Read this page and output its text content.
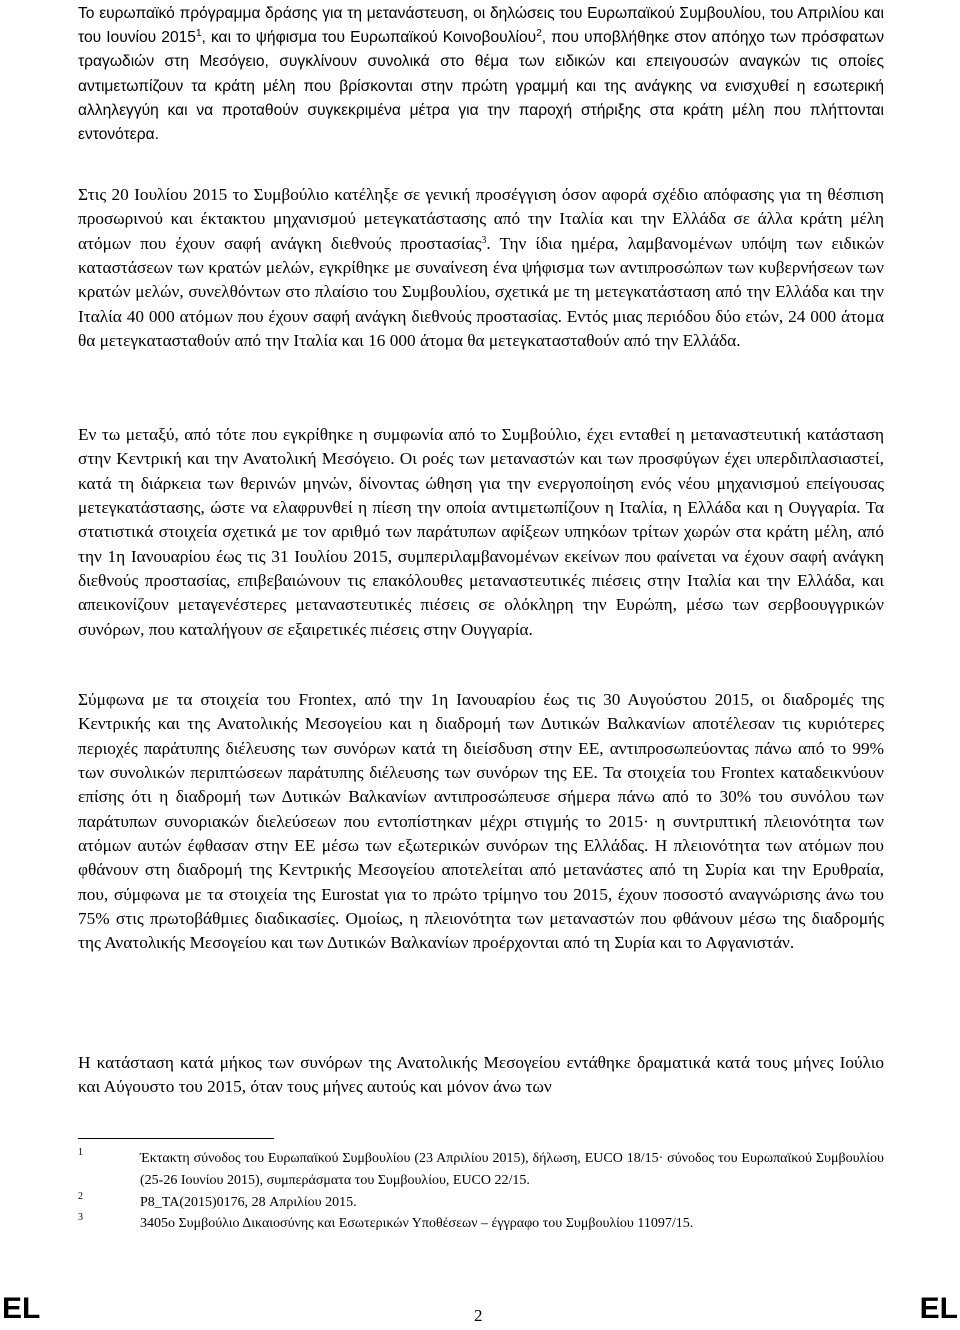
Το ευρωπαϊκό πρόγραμμα δράσης για τη μετανάστευση, οι δηλώσεις του Ευρωπαϊκού Συμβουλίου, του Απριλίου και του Ιουνίου 2015$^1$, και το ψήφισμα του Ευρωπαϊκού Κοινοβουλίου$^2$, που υποβλήθηκε στον απόηχο των πρόσφατων τραγωδιών στη Μεσόγειο, συγκλίνουν συνολικά στο θέμα των ειδικών και επειγουσών αναγκών τις οποίες αντιμετωπίζουν τα κράτη μέλη που βρίσκονται στην πρώτη γραμμή και της ανάγκης να ενισχυθεί η εσωτερική αλληλεγγύη και να προταθούν συγκεκριμένα μέτρα για την παροχή στήριξης στα κράτη μέλη που πλήττονται εντονότερα.

Στις 20 Ιουλίου 2015 το Συμβούλιο κατέληξε σε γενική προσέγγιση όσον αφορά σχέδιο απόφασης για τη θέσπιση προσωρινού και έκτακτου μηχανισμού μετεγκατάστασης από την Ιταλία και την Ελλάδα σε άλλα κράτη μέλη ατόμων που έχουν σαφή ανάγκη διεθνούς προστασίας$^3$. Την ίδια ημέρα, λαμβανομένων υπόψη των ειδικών καταστάσεων των κρατών μελών, εγκρίθηκε με συναίνεση ένα ψήφισμα των αντιπροσώπων των κυβερνήσεων των κρατών μελών, συνελθόντων στο πλαίσιο του Συμβουλίου, σχετικά με τη μετεγκατάσταση από την Ελλάδα και την Ιταλία 40 000 ατόμων που έχουν σαφή ανάγκη διεθνούς προστασίας. Εντός μιας περιόδου δύο ετών, 24 000 άτομα θα μετεγκατασταθούν από την Ιταλία και 16 000 άτομα θα μετεγκατασταθούν από την Ελλάδα.

Εν τω μεταξύ, από τότε που εγκρίθηκε η συμφωνία από το Συμβούλιο, έχει ενταθεί η μεταναστευτική κατάσταση στην Κεντρική και την Ανατολική Μεσόγειο. Οι ροές των μεταναστών και των προσφύγων έχει υπερδιπλασιαστεί, κατά τη διάρκεια των θερινών μηνών, δίνοντας ώθηση για την ενεργοποίηση ενός νέου μηχανισμού επείγουσας μετεγκατάστασης, ώστε να ελαφρυνθεί η πίεση την οποία αντιμετωπίζουν η Ιταλία, η Ελλάδα και η Ουγγαρία. Τα στατιστικά στοιχεία σχετικά με τον αριθμό των παράτυπων αφίξεων υπηκόων τρίτων χωρών στα κράτη μέλη, από την 1η Ιανουαρίου έως τις 31 Ιουλίου 2015, συμπεριλαμβανομένων εκείνων που φαίνεται να έχουν σαφή ανάγκη διεθνούς προστασίας, επιβεβαιώνουν τις επακόλουθες μεταναστευτικές πιέσεις στην Ιταλία και την Ελλάδα, και απεικονίζουν μεταγενέστερες μεταναστευτικές πιέσεις σε ολόκληρη την Ευρώπη, μέσω των σερβοουγγρικών συνόρων, που καταλήγουν σε εξαιρετικές πιέσεις στην Ουγγαρία.

Σύμφωνα με τα στοιχεία του Frontex, από την 1η Ιανουαρίου έως τις 30 Αυγούστου 2015, οι διαδρομές της Κεντρικής και της Ανατολικής Μεσογείου και η διαδρομή των Δυτικών Βαλκανίων αποτέλεσαν τις κυριότερες περιοχές παράτυπης διέλευσης των συνόρων κατά τη διείσδυση στην ΕΕ, αντιπροσωπεύοντας πάνω από το 99% των συνολικών περιπτώσεων παράτυπης διέλευσης των συνόρων της ΕΕ. Τα στοιχεία του Frontex καταδεικνύουν επίσης ότι η διαδρομή των Δυτικών Βαλκανίων αντιπροσώπευσε σήμερα πάνω από το 30% του συνόλου των παράτυπων συνοριακών διελεύσεων που εντοπίστηκαν μέχρι στιγμής το 2015· η συντριπτική πλειονότητα των ατόμων αυτών έφθασαν στην ΕΕ μέσω των εξωτερικών συνόρων της Ελλάδας. Η πλειονότητα των ατόμων που φθάνουν στη διαδρομή της Κεντρικής Μεσογείου αποτελείται από μετανάστες από τη Συρία και την Ερυθραία, που, σύμφωνα με τα στοιχεία της Eurostat για το πρώτο τρίμηνο του 2015, έχουν ποσοστό αναγνώρισης άνω του 75% στις πρωτοβάθμιες διαδικασίες. Ομοίως, η πλειονότητα των μεταναστών που φθάνουν μέσω της διαδρομής της Ανατολικής Μεσογείου και των Δυτικών Βαλκανίων προέρχονται από τη Συρία και το Αφγανιστάν.

Η κατάσταση κατά μήκος των συνόρων της Ανατολικής Μεσογείου εντάθηκε δραματικά κατά τους μήνες Ιούλιο και Αύγουστο του 2015, όταν τους μήνες αυτούς και μόνον άνω των

1	Έκτακτη σύνοδος του Ευρωπαϊκού Συμβουλίου (23 Απριλίου 2015), δήλωση, EUCO 18/15· σύνοδος του Ευρωπαϊκού Συμβουλίου (25-26 Ιουνίου 2015), συμπεράσματα του Συμβουλίου, EUCO 22/15.
2	P8_TA(2015)0176, 28 Απριλίου 2015.
3	3405ο Συμβούλιο Δικαιοσύνης και Εσωτερικών Υποθέσεων – έγγραφο του Συμβουλίου 11097/15.
EL	2	EL
